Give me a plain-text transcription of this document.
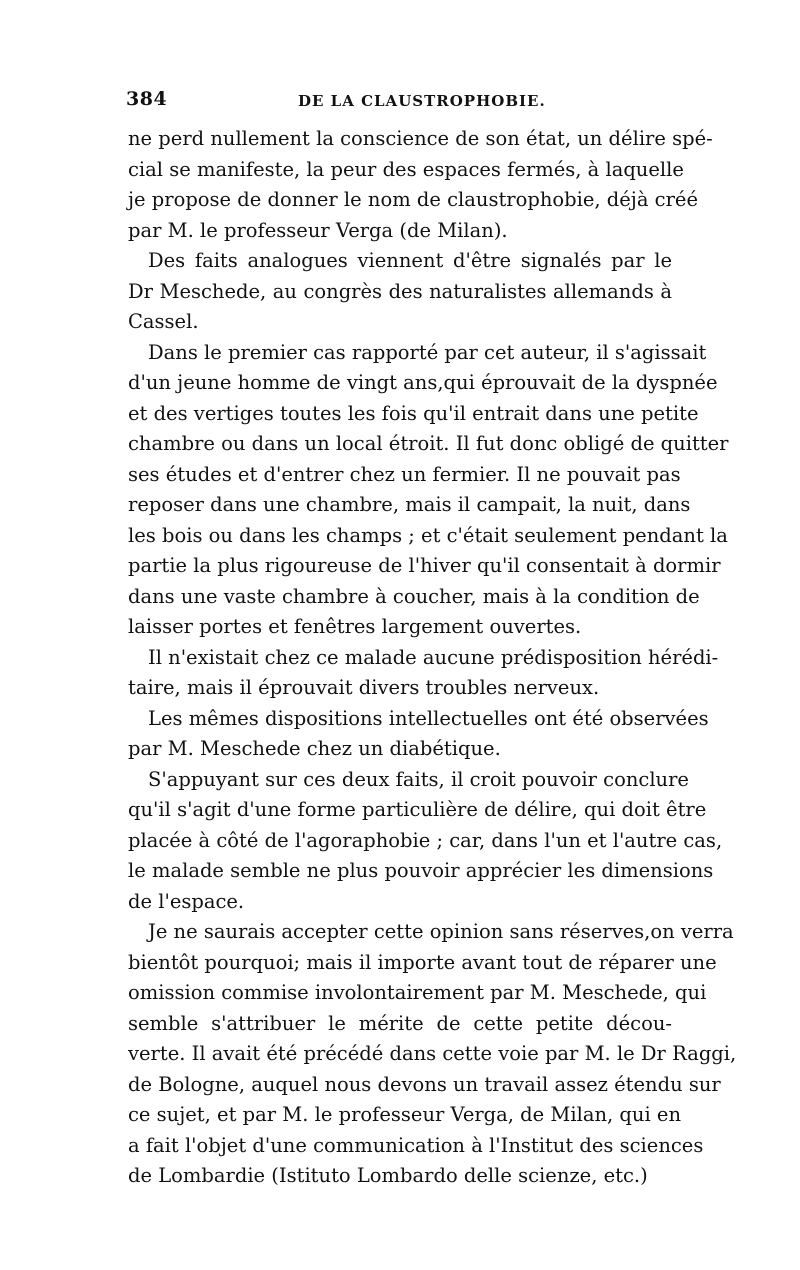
384	DE LA CLAUSTROPHOBIE.
ne perd nullement la conscience de son état, un délire spé-
cial se manifeste, la peur des espaces fermés, à laquelle
je propose de donner le nom de claustrophobie, déjà créé
par M. le professeur Verga (de Milan).
Des faits analogues viennent d'être signalés par le
Dr Meschede, au congrès des naturalistes allemands à
Cassel.
Dans le premier cas rapporté par cet auteur, il s'agissait
d'un jeune homme de vingt ans,qui éprouvait de la dyspnée
et des vertiges toutes les fois qu'il entrait dans une petite
chambre ou dans un local étroit. Il fut donc obligé de quitter
ses études et d'entrer chez un fermier. Il ne pouvait pas
reposer dans une chambre, mais il campait, la nuit, dans
les bois ou dans les champs ; et c'était seulement pendant la
partie la plus rigoureuse de l'hiver qu'il consentait à dormir
dans une vaste chambre à coucher, mais à la condition de
laisser portes et fenêtres largement ouvertes.
Il n'existait chez ce malade aucune prédisposition hérédi-
taire, mais il éprouvait divers troubles nerveux.
Les mêmes dispositions intellectuelles ont été observées
par M. Meschede chez un diabétique.
S'appuyant sur ces deux faits, il croit pouvoir conclure
qu'il s'agit d'une forme particulière de délire, qui doit être
placée à côté de l'agoraphobie ; car, dans l'un et l'autre cas,
le malade semble ne plus pouvoir apprécier les dimensions
de l'espace.
Je ne saurais accepter cette opinion sans réserves,on verra
bientôt pourquoi; mais il importe avant tout de réparer une
omission commise involontairement par M. Meschede, qui
semble s'attribuer le mérite de cette petite décou-
verte. Il avait été précédé dans cette voie par M. le Dr Raggi,
de Bologne, auquel nous devons un travail assez étendu sur
ce sujet, et par M. le professeur Verga, de Milan, qui en
a fait l'objet d'une communication à l'Institut des sciences
de Lombardie (Istituto Lombardo delle scienze, etc.)
